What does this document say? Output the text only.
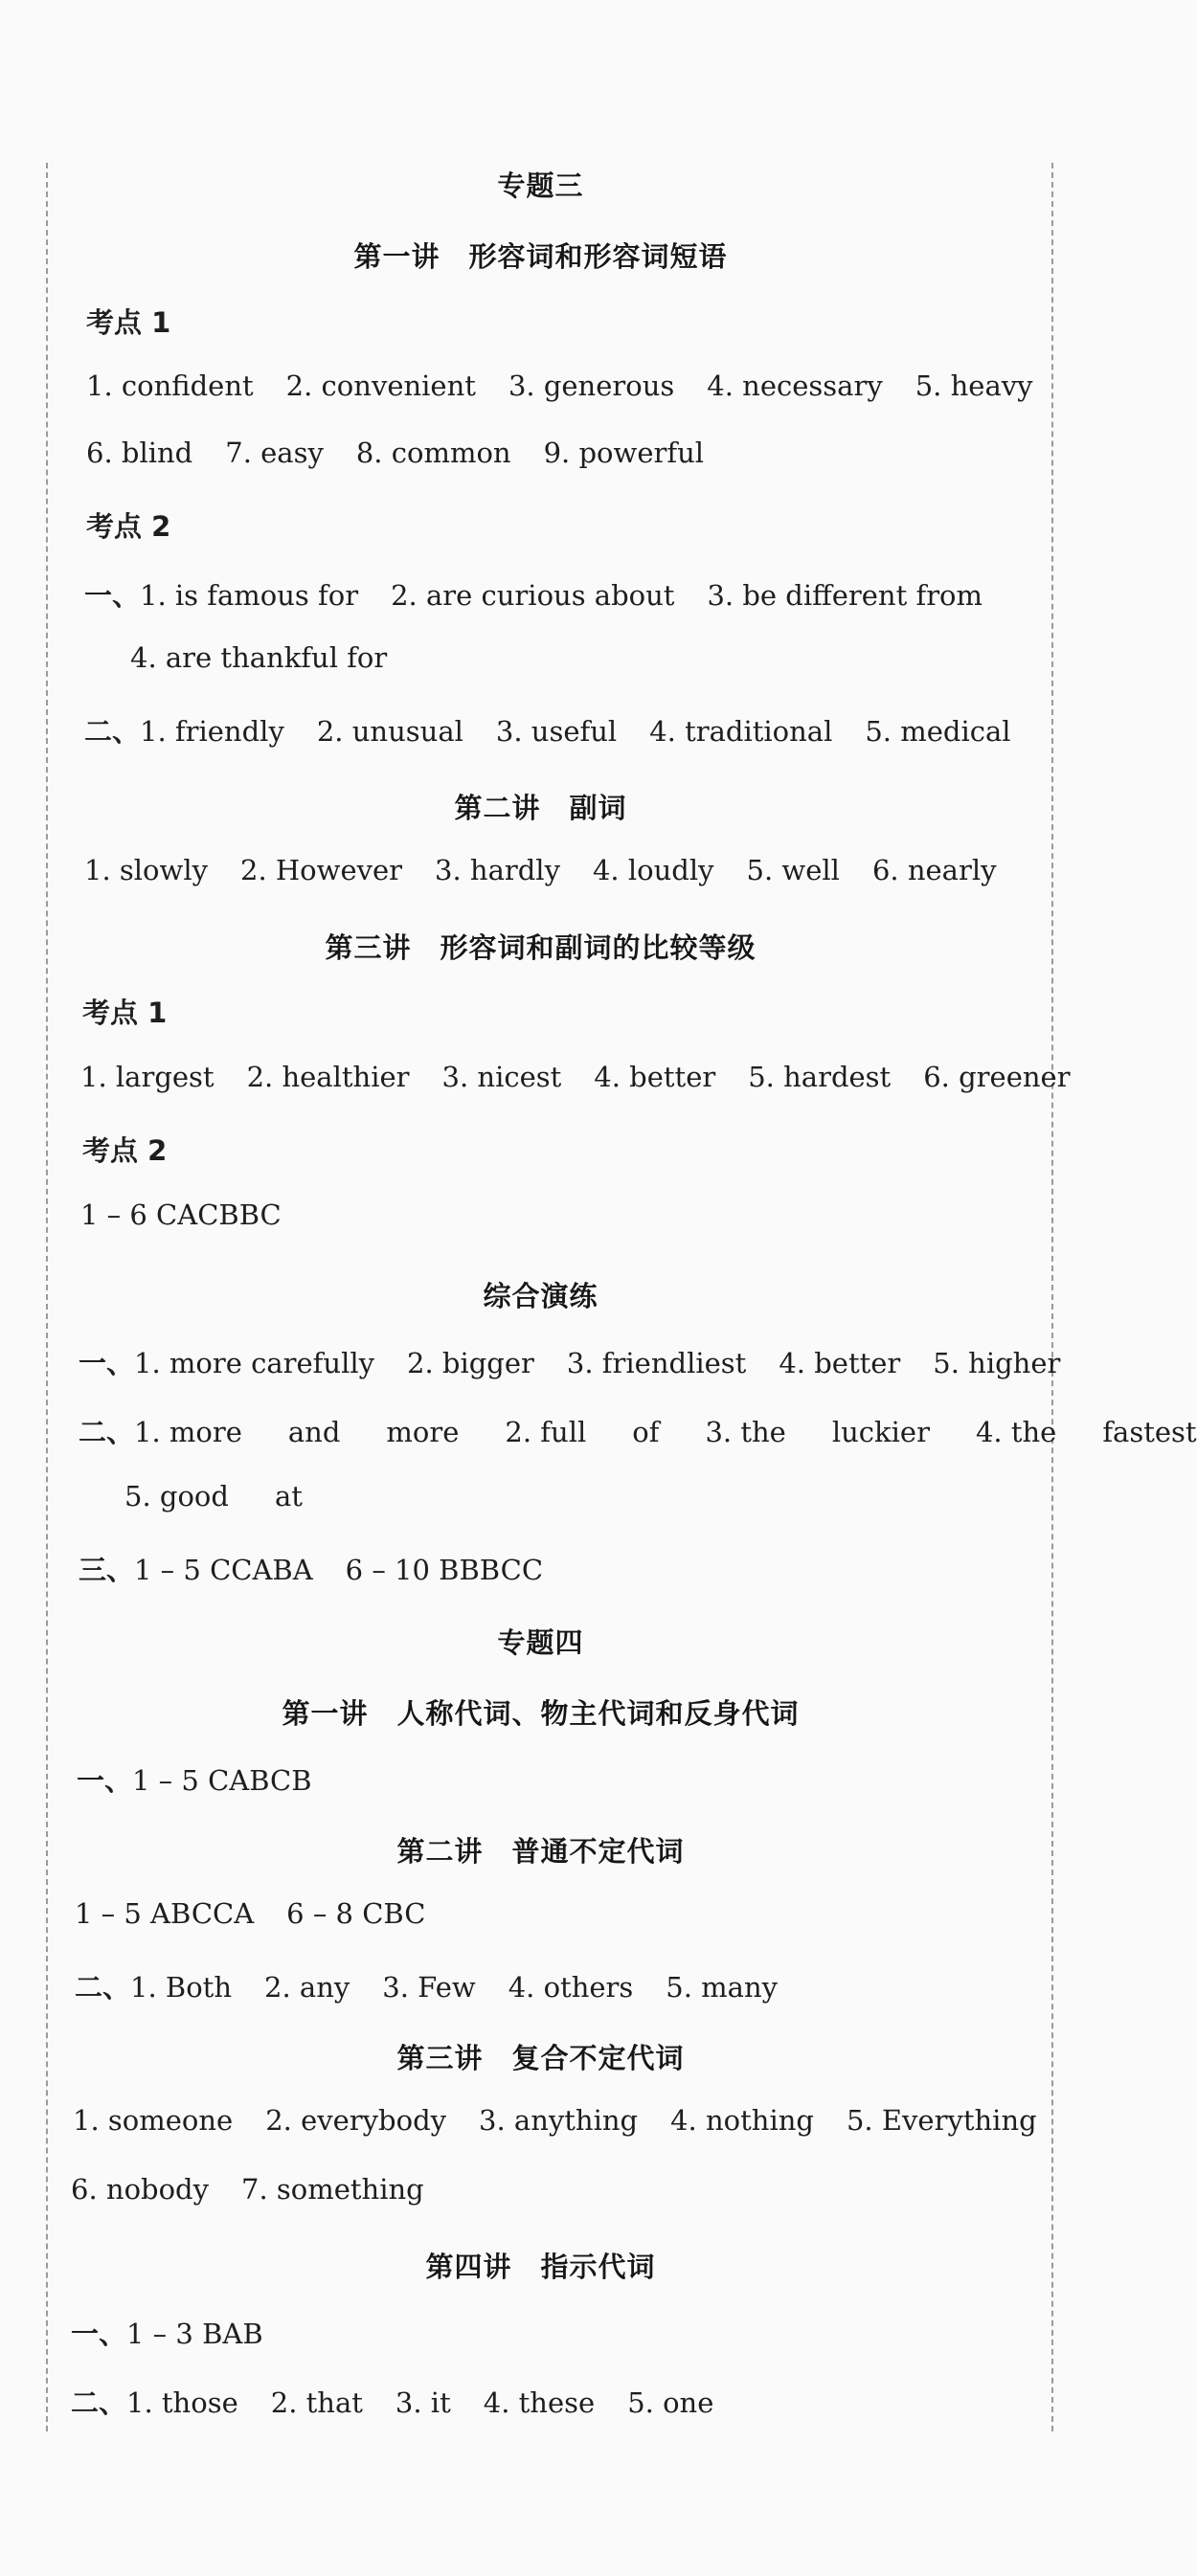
专题三
第一讲　形容词和形容词短语
考点 1
1. confident 2. convenient 3. generous 4. necessary 5. heavy
6. blind 7. easy 8. common 9. powerful
考点 2
一、1. is famous for 2. are curious about 3. be different from
4. are thankful for
二、1. friendly 2. unusual 3. useful 4. traditional 5. medical
第二讲　副词
1. slowly 2. However 3. hardly 4. loudly 5. well 6. nearly
第三讲　形容词和副词的比较等级
考点 1
1. largest 2. healthier 3. nicest 4. better 5. hardest 6. greener
考点 2
1 – 6 CACBBC
综合演练
一、1. more carefully 2. bigger 3. friendliest 4. better 5. higher
二、1. more and more 2. full of 3. the luckier 4. the fastest
5. good at
三、1 – 5 CCABA 6 – 10 BBBCC
专题四
第一讲　人称代词、物主代词和反身代词
一、1 – 5 CABCB
第二讲　普通不定代词
1 – 5 ABCCA 6 – 8 CBC
二、1. Both 2. any 3. Few 4. others 5. many
第三讲　复合不定代词
1. someone 2. everybody 3. anything 4. nothing 5. Everything
6. nobody 7. something
第四讲　指示代词
一、1 – 3 BAB
二、1. those 2. that 3. it 4. these 5. one
